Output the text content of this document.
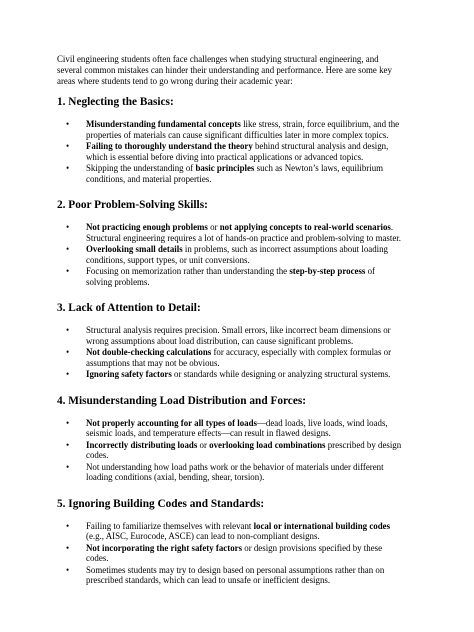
Civil engineering students often face challenges when studying structural engineering, and several common mistakes can hinder their understanding and performance. Here are some key areas where students tend to go wrong during their academic year:

1. Neglecting the Basics:
• Misunderstanding fundamental concepts like stress, strain, force equilibrium, and the properties of materials can cause significant difficulties later in more complex topics.
• Failing to thoroughly understand the theory behind structural analysis and design, which is essential before diving into practical applications or advanced topics.
• Skipping the understanding of basic principles such as Newton’s laws, equilibrium conditions, and material properties.
2. Poor Problem-Solving Skills:
• Not practicing enough problems or not applying concepts to real-world scenarios. Structural engineering requires a lot of hands-on practice and problem-solving to master.
• Overlooking small details in problems, such as incorrect assumptions about loading conditions, support types, or unit conversions.
• Focusing on memorization rather than understanding the step-by-step process of solving problems.
3. Lack of Attention to Detail:
• Structural analysis requires precision. Small errors, like incorrect beam dimensions or wrong assumptions about load distribution, can cause significant problems.
• Not double-checking calculations for accuracy, especially with complex formulas or assumptions that may not be obvious.
• Ignoring safety factors or standards while designing or analyzing structural systems.
4. Misunderstanding Load Distribution and Forces:
• Not properly accounting for all types of loads—dead loads, live loads, wind loads, seismic loads, and temperature effects—can result in flawed designs.
• Incorrectly distributing loads or overlooking load combinations prescribed by design codes.
• Not understanding how load paths work or the behavior of materials under different loading conditions (axial, bending, shear, torsion).
5. Ignoring Building Codes and Standards:
• Failing to familiarize themselves with relevant local or international building codes (e.g., AISC, Eurocode, ASCE) can lead to non-compliant designs.
• Not incorporating the right safety factors or design provisions specified by these codes.
• Sometimes students may try to design based on personal assumptions rather than on prescribed standards, which can lead to unsafe or inefficient designs.
